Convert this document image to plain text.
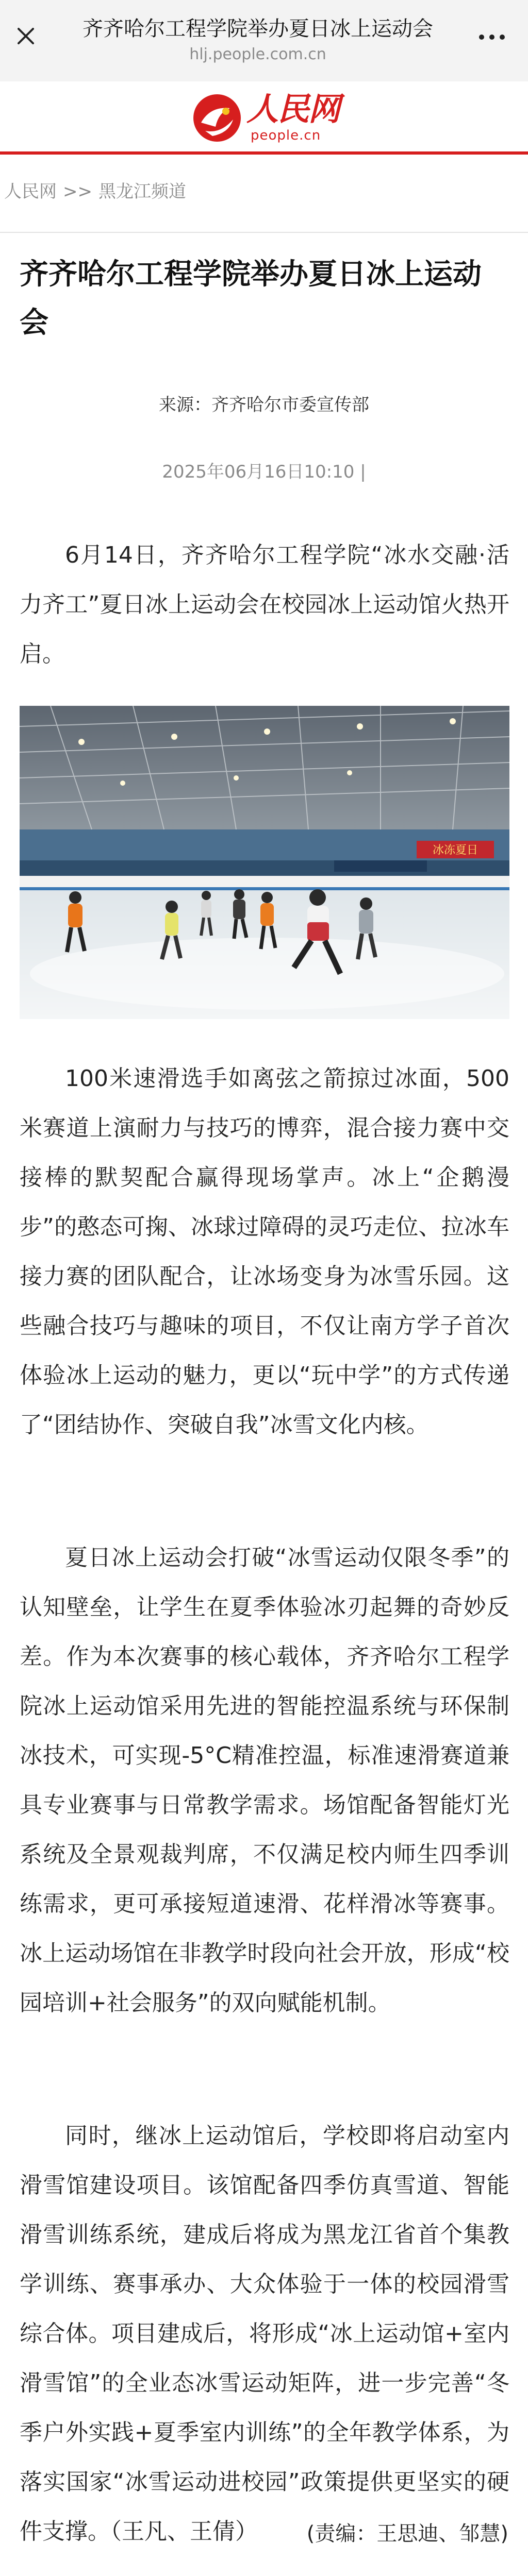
齐齐哈尔工程学院举办夏日冰上运动会
hlj.people.com.cn
人民网
people.cn
人民网 >> 黑龙江频道
齐齐哈尔工程学院举办夏日冰上运动会
来源：齐齐哈尔市委宣传部
2025年06月16日10:10 |

6月14日，齐齐哈尔工程学院“冰水交融·活力齐工”夏日冰上运动会在校园冰上运动馆火热开启。

冰冻夏日

100米速滑选手如离弦之箭掠过冰面，500米赛道上演耐力与技巧的博弈，混合接力赛中交接棒的默契配合赢得现场掌声。冰上“企鹅漫步”的憨态可掬、冰球过障碍的灵巧走位、拉冰车接力赛的团队配合，让冰场变身为冰雪乐园。这些融合技巧与趣味的项目，不仅让南方学子首次体验冰上运动的魅力，更以“玩中学”的方式传递了“团结协作、突破自我”冰雪文化内核。

夏日冰上运动会打破“冰雪运动仅限冬季”的认知壁垒，让学生在夏季体验冰刃起舞的奇妙反差。作为本次赛事的核心载体，齐齐哈尔工程学院冰上运动馆采用先进的智能控温系统与环保制冰技术，可实现-5°C精准控温，标准速滑赛道兼具专业赛事与日常教学需求。场馆配备智能灯光系统及全景观裁判席，不仅满足校内师生四季训练需求，更可承接短道速滑、花样滑冰等赛事。冰上运动场馆在非教学时段向社会开放，形成“校园培训+社会服务”的双向赋能机制。

同时，继冰上运动馆后，学校即将启动室内滑雪馆建设项目。该馆配备四季仿真雪道、智能滑雪训练系统，建成后将成为黑龙江省首个集教学训练、赛事承办、大众体验于一体的校园滑雪综合体。项目建成后，将形成“冰上运动馆+室内滑雪馆”的全业态冰雪运动矩阵，进一步完善“冬季户外实践+夏季室内训练”的全年教学体系，为落实国家“冰雪运动进校园”政策提供更坚实的硬件支撑。（王凡、王倩）	(责编：王思迪、邹慧)
